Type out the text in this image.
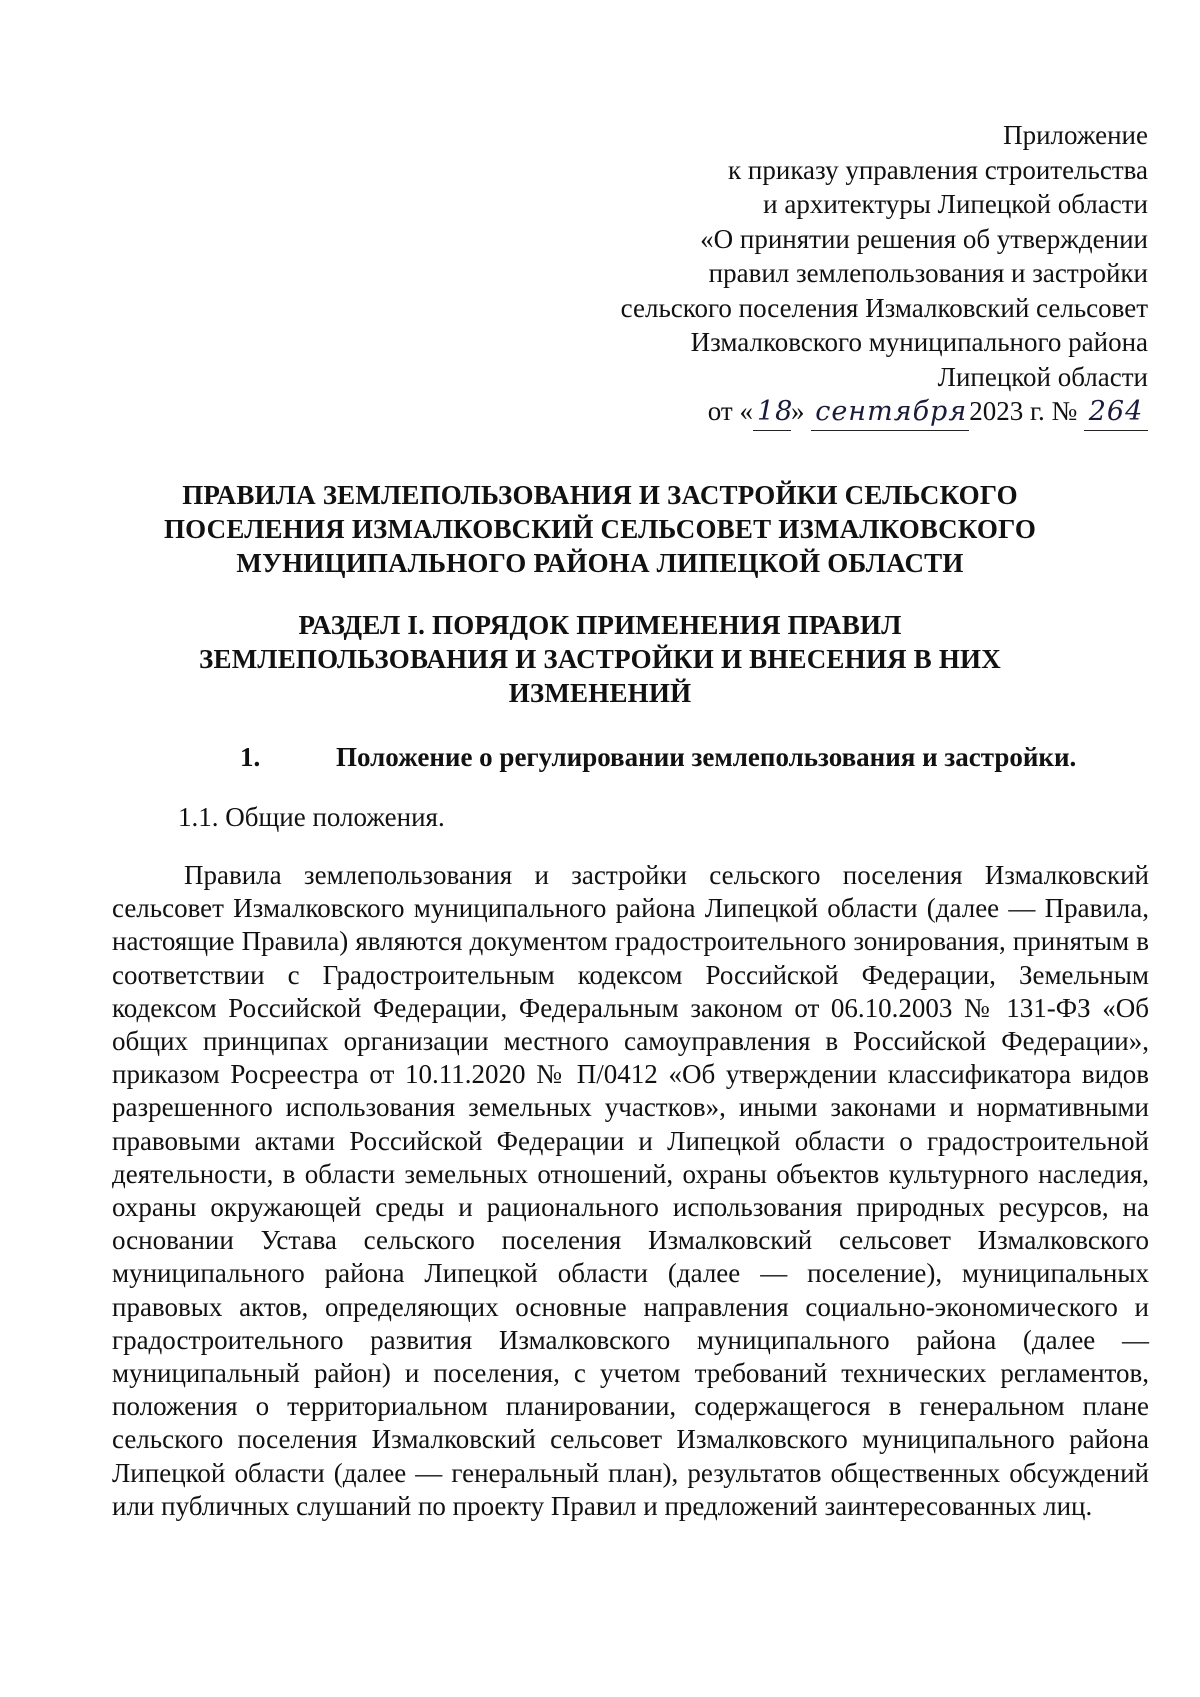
Приложение
к приказу управления строительства
и архитектуры Липецкой области
«О принятии решения об утверждении
правил землепользования и застройки
сельского поселения Измалковский сельсовет
Измалковского муниципального района
Липецкой области
от « 18» сентября2023 г. № 264
ПРАВИЛА ЗЕМЛЕПОЛЬЗОВАНИЯ И ЗАСТРОЙКИ СЕЛЬСКОГО
ПОСЕЛЕНИЯ ИЗМАЛКОВСКИЙ СЕЛЬСОВЕТ ИЗМАЛКОВСКОГО
МУНИЦИПАЛЬНОГО РАЙОНА ЛИПЕЦКОЙ ОБЛАСТИ
РАЗДЕЛ I. ПОРЯДОК ПРИМЕНЕНИЯ ПРАВИЛ
ЗЕМЛЕПОЛЬЗОВАНИЯ И ЗАСТРОЙКИ И ВНЕСЕНИЯ В НИХ
ИЗМЕНЕНИЙ
1.	Положение о регулировании землепользования и застройки.
1.1. Общие положения.

Правила землепользования и застройки сельского поселения Измалковский сельсовет Измалковского муниципального района Липецкой области (далее — Правила, настоящие Правила) являются документом градостроительного зонирования, принятым в соответствии с Градостроительным кодексом Российской Федерации, Земельным кодексом Российской Федерации, Федеральным законом от 06.10.2003 № 131-ФЗ «Об общих принципах организации местного самоуправления в Российской Федерации», приказом Росреестра от 10.11.2020 № П/0412 «Об утверждении классификатора видов разрешенного использования земельных участков», иными законами и нормативными правовыми актами Российской Федерации и Липецкой области о градостроительной деятельности, в области земельных отношений, охраны объектов культурного наследия, охраны окружающей среды и рационального использования природных ресурсов, на основании Устава сельского поселения Измалковский сельсовет Измалковского муниципального района Липецкой области (далее — поселение), муниципальных правовых актов, определяющих основные направления социально-экономического и градостроительного развития Измалковского муниципального района (далее — муниципальный район) и поселения, с учетом требований технических регламентов, положения о территориальном планировании, содержащегося в генеральном плане сельского поселения Измалковский сельсовет Измалковского муниципального района Липецкой области (далее — генеральный план), результатов общественных обсуждений или публичных слушаний по проекту Правил и предложений заинтересованных лиц.
